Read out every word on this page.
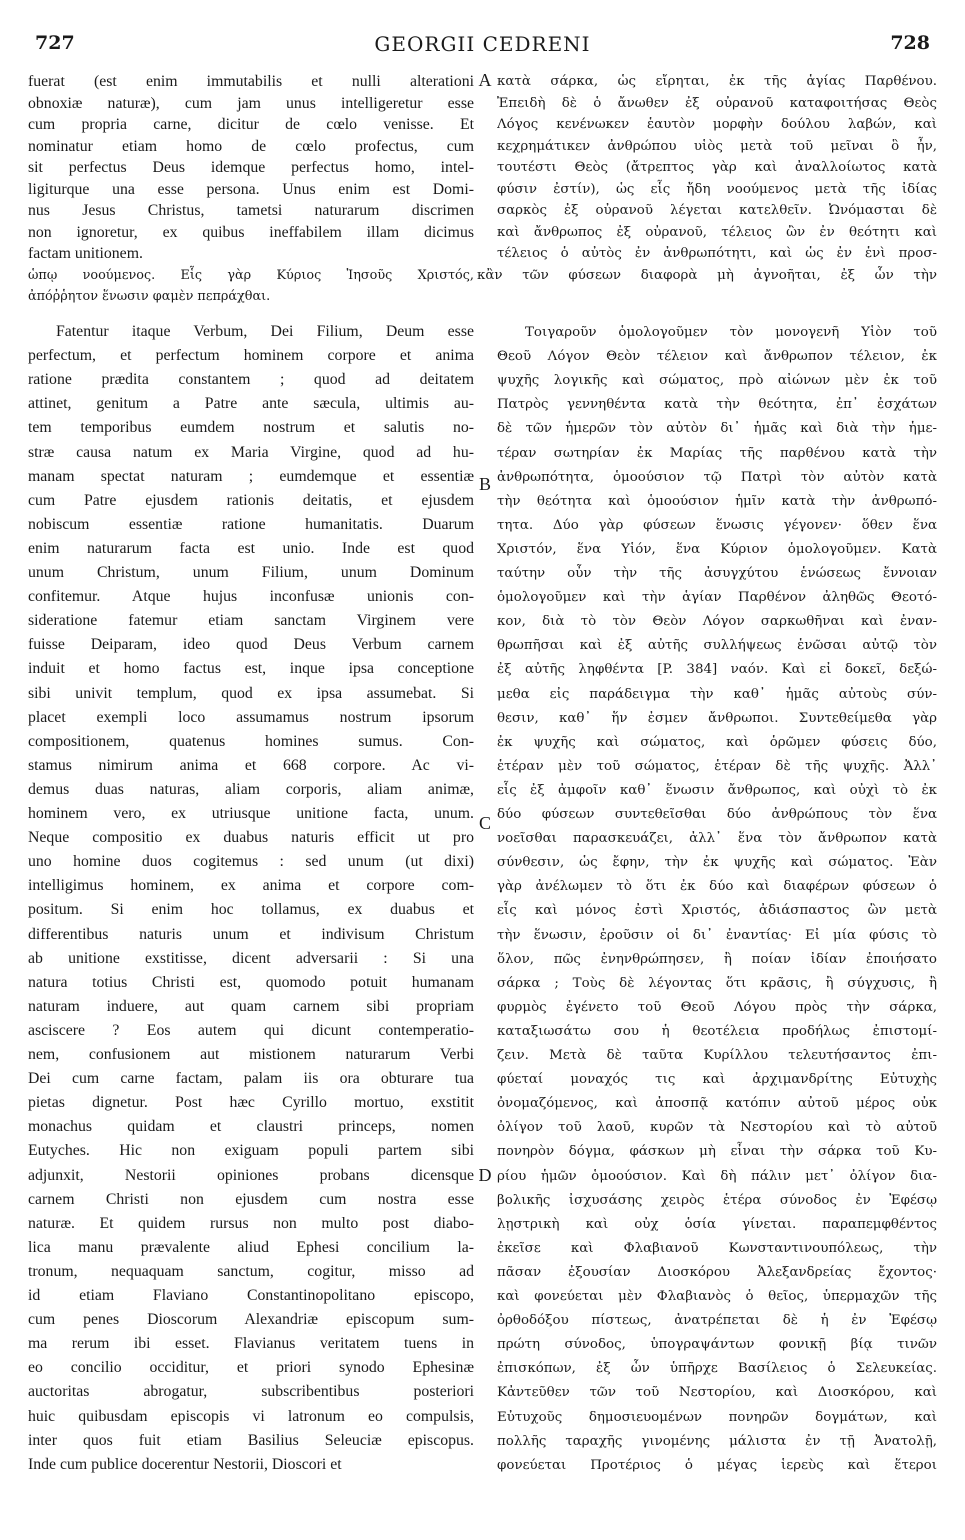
727	GEORGII CEDRENI	728
fuerat (est enim immutabilis et nulli alterationi
obnoxiæ naturæ), cum jam unus intelligeretur esse
cum propria carne, dicitur de cœlo venisse. Et
nominatur etiam homo de cœlo profectus, cum
sit perfectus Deus idemque perfectus homo, intel-
ligiturque una esse persona. Unus enim est Domi-
nus Jesus Christus, tametsi naturarum discrimen
non ignoretur, ex quibus ineffabilem illam dicimus
factam unitionem.
ὡπῳ νοούμενος. Εἷς γὰρ Κύριος Ἰησοῦς Χριστός,
ἀπόῤῥητον ἕνωσιν φαμὲν πεπράχθαι.
Fatentur itaque Verbum, Dei Filium, Deum esse
perfectum, et perfectum hominem corpore et anima
ratione prædita constantem ; quod ad deitatem
attinet, genitum a Patre ante sæcula, ultimis au-
tem temporibus eumdem nostrum et salutis no-
stræ causa natum ex Maria Virgine, quod ad hu-
manam spectat naturam ; eumdemque et essentiæ
cum Patre ejusdem rationis deitatis, et ejusdem
nobiscum essentiæ ratione humanitatis. Duarum
enim naturarum facta est unio. Inde est quod
unum Christum, unum Filium, unum Dominum
confitemur. Atque hujus inconfusæ unionis con-
sideratione fatemur etiam sanctam Virginem vere
fuisse Deiparam, ideo quod Deus Verbum carnem
induit et homo factus est, inque ipsa conceptione
sibi univit templum, quod ex ipsa assumebat. Si
placet exempli loco assumamus nostrum ipsorum
compositionem, quatenus homines sumus. Con-
stamus nimirum anima et 668 corpore. Ac vi-
demus duas naturas, aliam corporis, aliam animæ,
hominem vero, ex utriusque unitione facta, unum.
Neque compositio ex duabus naturis efficit ut pro
uno homine duos cogitemus : sed unum (ut dixi)
intelligimus hominem, ex anima et corpore com-
positum. Si enim hoc tollamus, ex duabus et
differentibus naturis unum et indivisum Christum
ab unitione exstitisse, dicent adversarii : Si una
natura totius Christi est, quomodo potuit humanam
naturam induere, aut quam carnem sibi propriam
asciscere ? Eos autem qui dicunt contemperatio-
nem, confusionem aut mistionem naturarum Verbi
Dei cum carne factam, palam iis ora obturare tua
pietas dignetur. Post hæc Cyrillo mortuo, exstitit
monachus quidam et claustri princeps, nomen
Eutyches. Hic non exiguam populi partem sibi
adjunxit, Nestorii opiniones probans dicensque
carnem Christi non ejusdem cum nostra esse
naturæ. Et quidem rursus non multo post diabo-
lica manu prævalente aliud Ephesi concilium la-
tronum, nequaquam sanctum, cogitur, misso ad
id etiam Flaviano Constantinopolitano episcopo,
cum penes Dioscorum Alexandriæ episcopum sum-
ma rerum ibi esset. Flavianus veritatem tuens in
eo concilio occiditur, et priori synodo Ephesinæ
auctoritas abrogatur, subscribentibus posteriori
huic quibusdam episcopis vi latronum eo compulsis,
inter quos fuit etiam Basilius Seleuciæ episcopus.
Inde cum publice docerentur Nestorii, Dioscori et
κατὰ σάρκα, ὡς εἴρηται, ἐκ τῆς ἁγίας Παρθένου.
Ἐπειδὴ δὲ ὁ ἄνωθεν ἐξ οὐρανοῦ καταφοιτήσας Θεὸς
Λόγος κενένωκεν ἑαυτὸν μορφὴν δούλου λαβών, καὶ
κεχρημάτικεν ἀνθρώπου υἱὸς μετὰ τοῦ μεῖναι ὃ ἦν,
τουτέστι Θεὸς (ἄτρεπτος γὰρ καὶ ἀναλλοίωτος κατὰ
φύσιν ἐστίν), ὡς εἷς ἤδη νοούμενος μετὰ τῆς ἰδίας
σαρκὸς ἐξ οὐρανοῦ λέγεται κατελθεῖν. Ὠνόμασται δὲ
καὶ ἄνθρωπος ἐξ οὐρανοῦ, τέλειος ὢν ἐν θεότητι καὶ
τέλειος ὁ αὐτὸς ἐν ἀνθρωπότητι, καὶ ὡς ἐν ἑνὶ προσ-
κἂν τῶν φύσεων διαφορὰ μὴ ἀγνοῆται, ἐξ ὧν τὴν
Τοιγαροῦν ὁμολογοῦμεν τὸν μονογενῆ Υἱὸν τοῦ
Θεοῦ Λόγον Θεὸν τέλειον καὶ ἄνθρωπον τέλειον, ἐκ
ψυχῆς λογικῆς καὶ σώματος, πρὸ αἰώνων μὲν ἐκ τοῦ
Πατρὸς γεννηθέντα κατὰ τὴν θεότητα, ἐπ᾽ ἐσχάτων
δὲ τῶν ἡμερῶν τὸν αὐτὸν δι᾽ ἡμᾶς καὶ διὰ τὴν ἡμε-
τέραν σωτηρίαν ἐκ Μαρίας τῆς παρθένου κατὰ τὴν
ἀνθρωπότητα, ὁμοούσιον τῷ Πατρὶ τὸν αὐτὸν κατὰ
τὴν θεότητα καὶ ὁμοούσιον ἡμῖν κατὰ τὴν ἀνθρωπό-
τητα. Δύο γὰρ φύσεων ἕνωσις γέγονεν· ὅθεν ἕνα
Χριστόν, ἕνα Υἱόν, ἕνα Κύριον ὁμολογοῦμεν. Κατὰ
ταύτην οὖν τὴν τῆς ἀσυγχύτου ἑνώσεως ἔννοιαν
ὁμολογοῦμεν καὶ τὴν ἁγίαν Παρθένον ἀληθῶς Θεοτό-
κον, διὰ τὸ τὸν Θεὸν Λόγον σαρκωθῆναι καὶ ἐναν-
θρωπῆσαι καὶ ἐξ αὐτῆς συλλήψεως ἑνῶσαι αὐτῷ τὸν
ἐξ αὐτῆς ληφθέντα [P. 384] ναόν. Καὶ εἰ δοκεῖ, δεξώ-
μεθα εἰς παράδειγμα τὴν καθ᾽ ἡμᾶς αὐτοὺς σύν-
θεσιν, καθ᾽ ἥν ἐσμεν ἄνθρωποι. Συντεθείμεθα γὰρ
ἐκ ψυχῆς καὶ σώματος, καὶ ὁρῶμεν φύσεις δύο,
ἑτέραν μὲν τοῦ σώματος, ἑτέραν δὲ τῆς ψυχῆς. Ἀλλ᾽
εἷς ἐξ ἀμφοῖν καθ᾽ ἕνωσιν ἄνθρωπος, καὶ οὐχὶ τὸ ἐκ
δύο φύσεων συντεθεῖσθαι δύο ἀνθρώπους τὸν ἕνα
νοεῖσθαι παρασκευάζει, ἀλλ᾽ ἕνα τὸν ἄνθρωπον κατὰ
σύνθεσιν, ὡς ἔφην, τὴν ἐκ ψυχῆς καὶ σώματος. Ἐὰν
γὰρ ἀνέλωμεν τὸ ὅτι ἐκ δύο καὶ διαφέρων φύσεων ὁ
εἷς καὶ μόνος ἐστὶ Χριστός, ἀδιάσπαστος ὢν μετὰ
τὴν ἕνωσιν, ἐροῦσιν οἱ δι᾽ ἐναντίας· Εἰ μία φύσις τὸ
ὅλον, πῶς ἐνηνθρώπησεν, ἢ ποίαν ἰδίαν ἐποιήσατο
σάρκα ; Τοὺς δὲ λέγοντας ὅτι κρᾶσις, ἢ σύγχυσις, ἢ
φυρμὸς ἐγένετο τοῦ Θεοῦ Λόγου πρὸς τὴν σάρκα,
καταξιωσάτω σου ἡ θεοτέλεια προδήλως ἐπιστομί-
ζειν. Μετὰ δὲ ταῦτα Κυρίλλου τελευτήσαντος ἐπι-
φύεταί μοναχός τις καὶ ἀρχιμανδρίτης Εὐτυχὴς
ὀνομαζόμενος, καὶ ἀποσπᾷ κατόπιν αὐτοῦ μέρος οὐκ
ὀλίγον τοῦ λαοῦ, κυρῶν τὰ Νεστορίου καὶ τὸ αὐτοῦ
πονηρὸν δόγμα, φάσκων μὴ εἶναι τὴν σάρκα τοῦ Κυ-
ρίου ἡμῶν ὁμοούσιον. Καὶ δὴ πάλιν μετ᾽ ὀλίγον δια-
βολικῆς ἰσχυσάσης χειρὸς ἑτέρα σύνοδος ἐν Ἐφέσῳ
λῃστρικὴ καὶ οὐχ ὁσία γίνεται. παραπεμφθέντος
ἐκεῖσε καὶ Φλαβιανοῦ Κωνσταντινουπόλεως, τὴν
πᾶσαν ἐξουσίαν Διοσκόρου Ἀλεξανδρείας ἔχοντος·
καὶ φονεύεται μὲν Φλαβιανὸς ὁ θεῖος, ὑπερμαχῶν τῆς
ὀρθοδόξου πίστεως, ἀνατρέπεται δὲ ἡ ἐν Ἐφέσῳ
πρώτη σύνοδος, ὑπογραψάντων φονικῇ βίᾳ τινῶν
ἐπισκόπων, ἐξ ὧν ὑπῆρχε Βασίλειος ὁ Σελευκείας.
Κἀντεῦθεν τῶν τοῦ Νεστορίου, καὶ Διοσκόρου, καὶ
Εὐτυχοῦς δημοσιευομένων πονηρῶν δογμάτων, καὶ
πολλῆς ταραχῆς γινομένης μάλιστα ἐν τῇ Ἀνατολῇ,
φονεύεται Προτέριος ὁ μέγας ἱερεὺς καὶ ἕτεροι
A
B
C
D
